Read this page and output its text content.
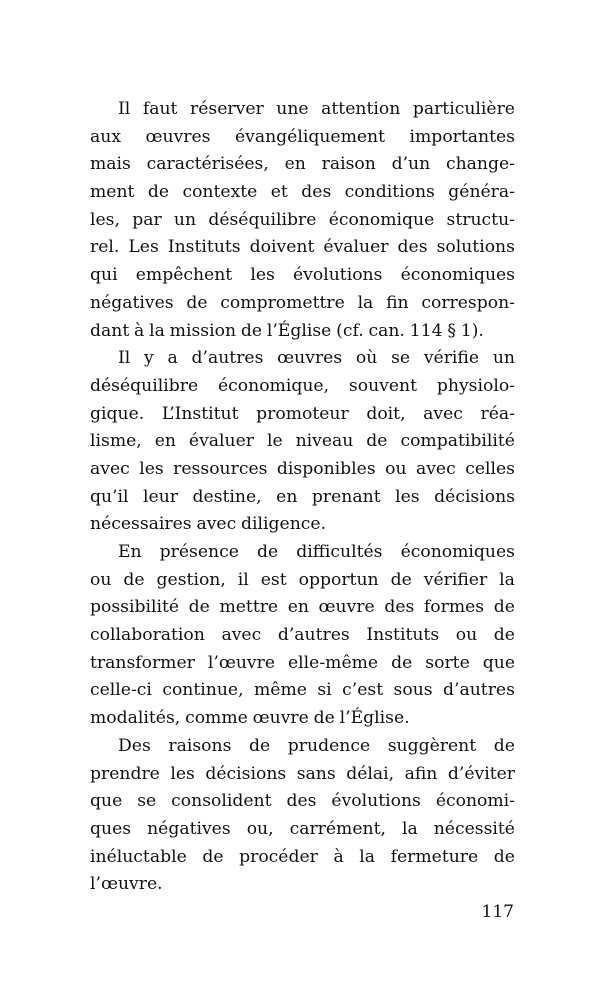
Il faut réserver une attention particulière
aux œuvres évangéliquement importantes
mais caractérisées, en raison d’un change-
ment de contexte et des conditions généra-
les, par un déséquilibre économique structu-
rel. Les Instituts doivent évaluer des solutions
qui empêchent les évolutions économiques
négatives de compromettre la fin correspon-
dant à la mission de l’Église (cf. can. 114 § 1).
Il y a d’autres œuvres où se vérifie un
déséquilibre économique, souvent physiolo-
gique. L’Institut promoteur doit, avec réa-
lisme, en évaluer le niveau de compatibilité
avec les ressources disponibles ou avec celles
qu’il leur destine, en prenant les décisions
nécessaires avec diligence.
En présence de difficultés économiques
ou de gestion, il est opportun de vérifier la
possibilité de mettre en œuvre des formes de
collaboration avec d’autres Instituts ou de
transformer l’œuvre elle-même de sorte que
celle-ci continue, même si c’est sous d’autres
modalités, comme œuvre de l’Église.
Des raisons de prudence suggèrent de
prendre les décisions sans délai, afin d’éviter
que se consolident des évolutions économi-
ques négatives ou, carrément, la nécessité
inéluctable de procéder à la fermeture de
l’œuvre.
117
